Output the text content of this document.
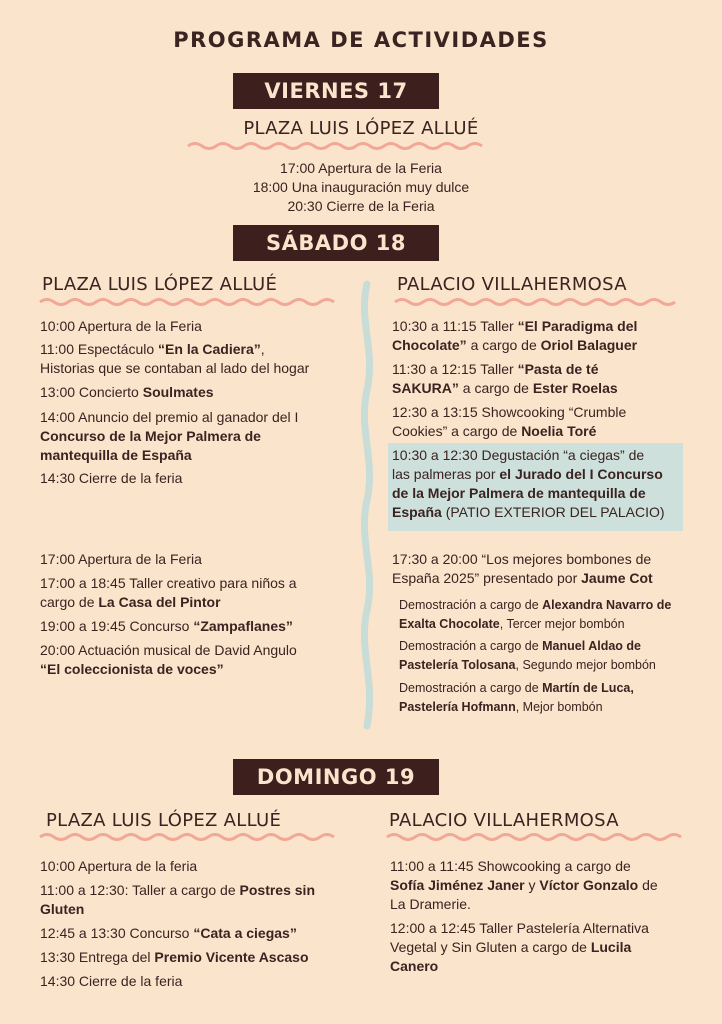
PROGRAMA DE ACTIVIDADES
VIERNES 17
PLAZA LUIS LÓPEZ ALLUÉ
17:00 Apertura de la Feria
18:00 Una inauguración muy dulce
20:30 Cierre de la Feria
SÁBADO 18
PLAZA LUIS LÓPEZ ALLUÉ	PALACIO VILLAHERMOSA
10:00 Apertura de la Feria
11:00 Espectáculo “En la Cadiera”,
Historias que se contaban al lado del hogar
13:00 Concierto Soulmates
14:00 Anuncio del premio al ganador del I
Concurso de la Mejor Palmera de
mantequilla de España
14:30 Cierre de la feria
17:00 Apertura de la Feria
17:00 a 18:45 Taller creativo para niños a
cargo de La Casa del Pintor
19:00 a 19:45 Concurso “Zampaflanes”
20:00 Actuación musical de David Angulo
“El coleccionista de voces”
10:30 a 11:15 Taller “El Paradigma del
Chocolate” a cargo de Oriol Balaguer
11:30 a 12:15 Taller “Pasta de té
SAKURA” a cargo de Ester Roelas
12:30 a 13:15 Showcooking “Crumble
Cookies” a cargo de Noelia Toré
10:30 a 12:30 Degustación “a ciegas” de
las palmeras por el Jurado del I Concurso
de la Mejor Palmera de mantequilla de
España (PATIO EXTERIOR DEL PALACIO)
17:30 a 20:00 “Los mejores bombones de
España 2025” presentado por Jaume Cot
Demostración a cargo de Alexandra Navarro de
Exalta Chocolate, Tercer mejor bombón
Demostración a cargo de Manuel Aldao de
Pastelería Tolosana, Segundo mejor bombón
Demostración a cargo de Martín de Luca,
Pastelería Hofmann, Mejor bombón
DOMINGO 19
PLAZA LUIS LÓPEZ ALLUÉ	PALACIO VILLAHERMOSA
10:00 Apertura de la feria
11:00 a 12:30: Taller a cargo de Postres sin
Gluten
12:45 a 13:30 Concurso “Cata a ciegas”
13:30 Entrega del Premio Vicente Ascaso
14:30 Cierre de la feria
11:00 a 11:45 Showcooking a cargo de
Sofía Jiménez Janer y Víctor Gonzalo de
La Dramerie.
12:00 a 12:45 Taller Pastelería Alternativa
Vegetal y Sin Gluten a cargo de Lucila
Canero
